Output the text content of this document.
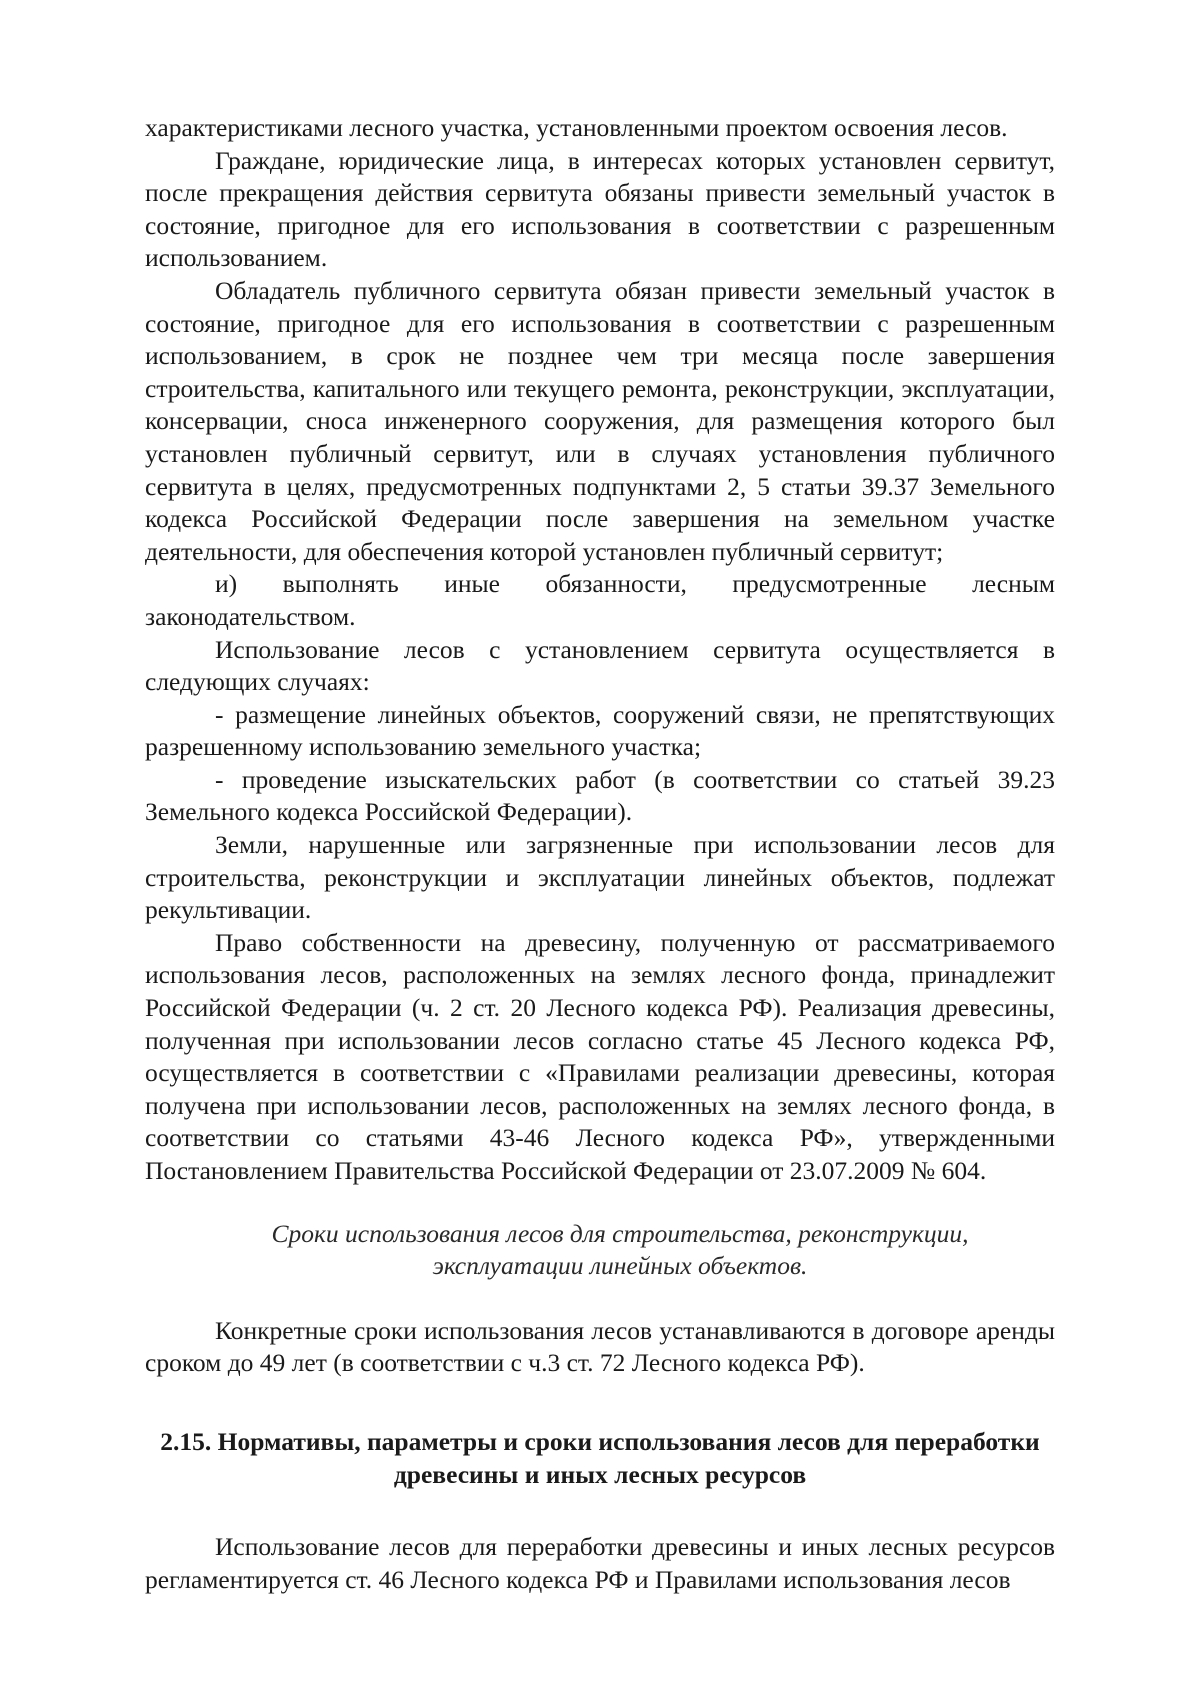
характеристиками лесного участка, установленными проектом освоения лесов.

Граждане, юридические лица, в интересах которых установлен сервитут, после прекращения действия сервитута обязаны привести земельный участок в состояние, пригодное для его использования в соответствии с разрешенным использованием.

Обладатель публичного сервитута обязан привести земельный участок в состояние, пригодное для его использования в соответствии с разрешенным использованием, в срок не позднее чем три месяца после завершения строительства, капитального или текущего ремонта, реконструкции, эксплуатации, консервации, сноса инженерного сооружения, для размещения которого был установлен публичный сервитут, или в случаях установления публичного сервитута в целях, предусмотренных подпунктами 2, 5 статьи 39.37 Земельного кодекса Российской Федерации после завершения на земельном участке деятельности, для обеспечения которой установлен публичный сервитут;

и) выполнять иные обязанности, предусмотренные лесным законодательством.

Использование лесов с установлением сервитута осуществляется в следующих случаях:

- размещение линейных объектов, сооружений связи, не препятствующих разрешенному использованию земельного участка;

- проведение изыскательских работ (в соответствии со статьей 39.23 Земельного кодекса Российской Федерации).

Земли, нарушенные или загрязненные при использовании лесов для строительства, реконструкции и эксплуатации линейных объектов, подлежат рекультивации.

Право собственности на древесину, полученную от рассматриваемого использования лесов, расположенных на землях лесного фонда, принадлежит Российской Федерации (ч. 2 ст. 20 Лесного кодекса РФ). Реализация древесины, полученная при использовании лесов согласно статье 45 Лесного кодекса РФ, осуществляется в соответствии с «Правилами реализации древесины, которая получена при использовании лесов, расположенных на землях лесного фонда, в соответствии со статьями 43-46 Лесного кодекса РФ», утвержденными Постановлением Правительства Российской Федерации от 23.07.2009 № 604.

Сроки использования лесов для строительства, реконструкции,
эксплуатации линейных объектов.

Конкретные сроки использования лесов устанавливаются в договоре аренды сроком до 49 лет (в соответствии с ч.3 ст. 72 Лесного кодекса РФ).

2.15. Нормативы, параметры и сроки использования лесов для переработки
древесины и иных лесных ресурсов

Использование лесов для переработки древесины и иных лесных ресурсов регламентируется ст. 46 Лесного кодекса РФ и Правилами использования лесов
